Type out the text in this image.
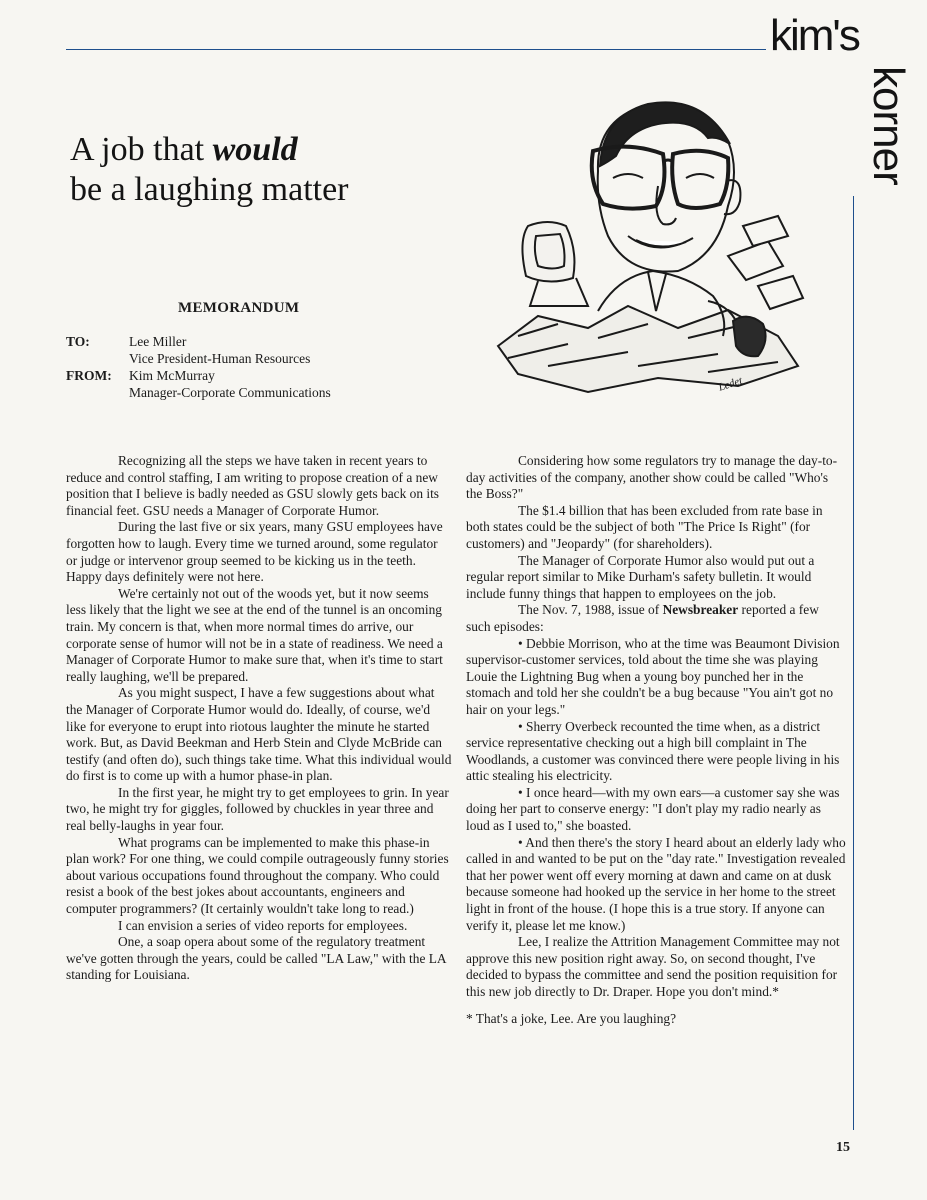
kim's
korner
A job that would
be a laughing matter
Ledet
MEMORANDUM
TO:	Lee Miller
Vice President-Human Resources
FROM:	Kim McMurray
Manager-Corporate Communications

Recognizing all the steps we have taken in recent years to reduce and control staffing, I am writing to propose creation of a new position that I believe is badly needed as GSU slowly gets back on its financial feet. GSU needs a Manager of Corporate Humor.

During the last five or six years, many GSU employees have forgotten how to laugh. Every time we turned around, some regulator or judge or intervenor group seemed to be kicking us in the teeth. Happy days definitely were not here.

We're certainly not out of the woods yet, but it now seems less likely that the light we see at the end of the tunnel is an oncoming train. My concern is that, when more normal times do arrive, our corporate sense of humor will not be in a state of readiness. We need a Manager of Corporate Humor to make sure that, when it's time to start really laughing, we'll be prepared.

As you might suspect, I have a few suggestions about what the Manager of Corporate Humor would do. Ideally, of course, we'd like for everyone to erupt into riotous laughter the minute he started work. But, as David Beekman and Herb Stein and Clyde McBride can testify (and often do), such things take time. What this individual would do first is to come up with a humor phase-in plan.

In the first year, he might try to get employees to grin. In year two, he might try for giggles, followed by chuckles in year three and real belly-laughs in year four.

What programs can be implemented to make this phase-in plan work? For one thing, we could compile outrageously funny stories about various occupations found throughout the company. Who could resist a book of the best jokes about accountants, engineers and computer programmers? (It certainly wouldn't take long to read.)

I can envision a series of video reports for employees.

One, a soap opera about some of the regulatory treatment we've gotten through the years, could be called "LA Law," with the LA standing for Louisiana.

Considering how some regulators try to manage the day-to-day activities of the company, another show could be called "Who's the Boss?"

The $1.4 billion that has been excluded from rate base in both states could be the subject of both "The Price Is Right" (for customers) and "Jeopardy" (for shareholders).

The Manager of Corporate Humor also would put out a regular report similar to Mike Durham's safety bulletin. It would include funny things that happen to employees on the job.

The Nov. 7, 1988, issue of Newsbreaker reported a few such episodes:

• Debbie Morrison, who at the time was Beaumont Division supervisor-customer services, told about the time she was playing Louie the Lightning Bug when a young boy punched her in the stomach and told her she couldn't be a bug because "You ain't got no hair on your legs."

• Sherry Overbeck recounted the time when, as a district service representative checking out a high bill complaint in The Woodlands, a customer was convinced there were people living in his attic stealing his electricity.

• I once heard—with my own ears—a customer say she was doing her part to conserve energy: "I don't play my radio nearly as loud as I used to," she boasted.

• And then there's the story I heard about an elderly lady who called in and wanted to be put on the "day rate." Investigation revealed that her power went off every morning at dawn and came on at dusk because someone had hooked up the service in her home to the street light in front of the house. (I hope this is a true story. If anyone can verify it, please let me know.)

Lee, I realize the Attrition Management Committee may not approve this new position right away. So, on second thought, I've decided to bypass the committee and send the position requisition for this new job directly to Dr. Draper. Hope you don't mind.*

* That's a joke, Lee. Are you laughing?

15
